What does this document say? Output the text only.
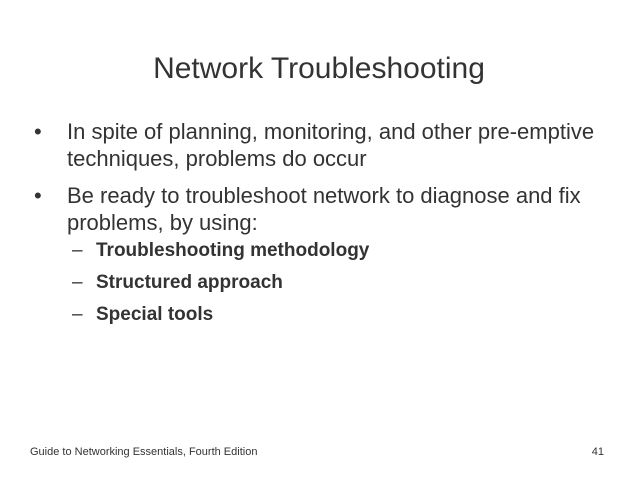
Network Troubleshooting
• In spite of planning, monitoring, and other pre-emptive techniques, problems do occur
• Be ready to troubleshoot network to diagnose and fix problems, by using:
– Troubleshooting methodology
– Structured approach
– Special tools
Guide to Networking Essentials, Fourth Edition	41
